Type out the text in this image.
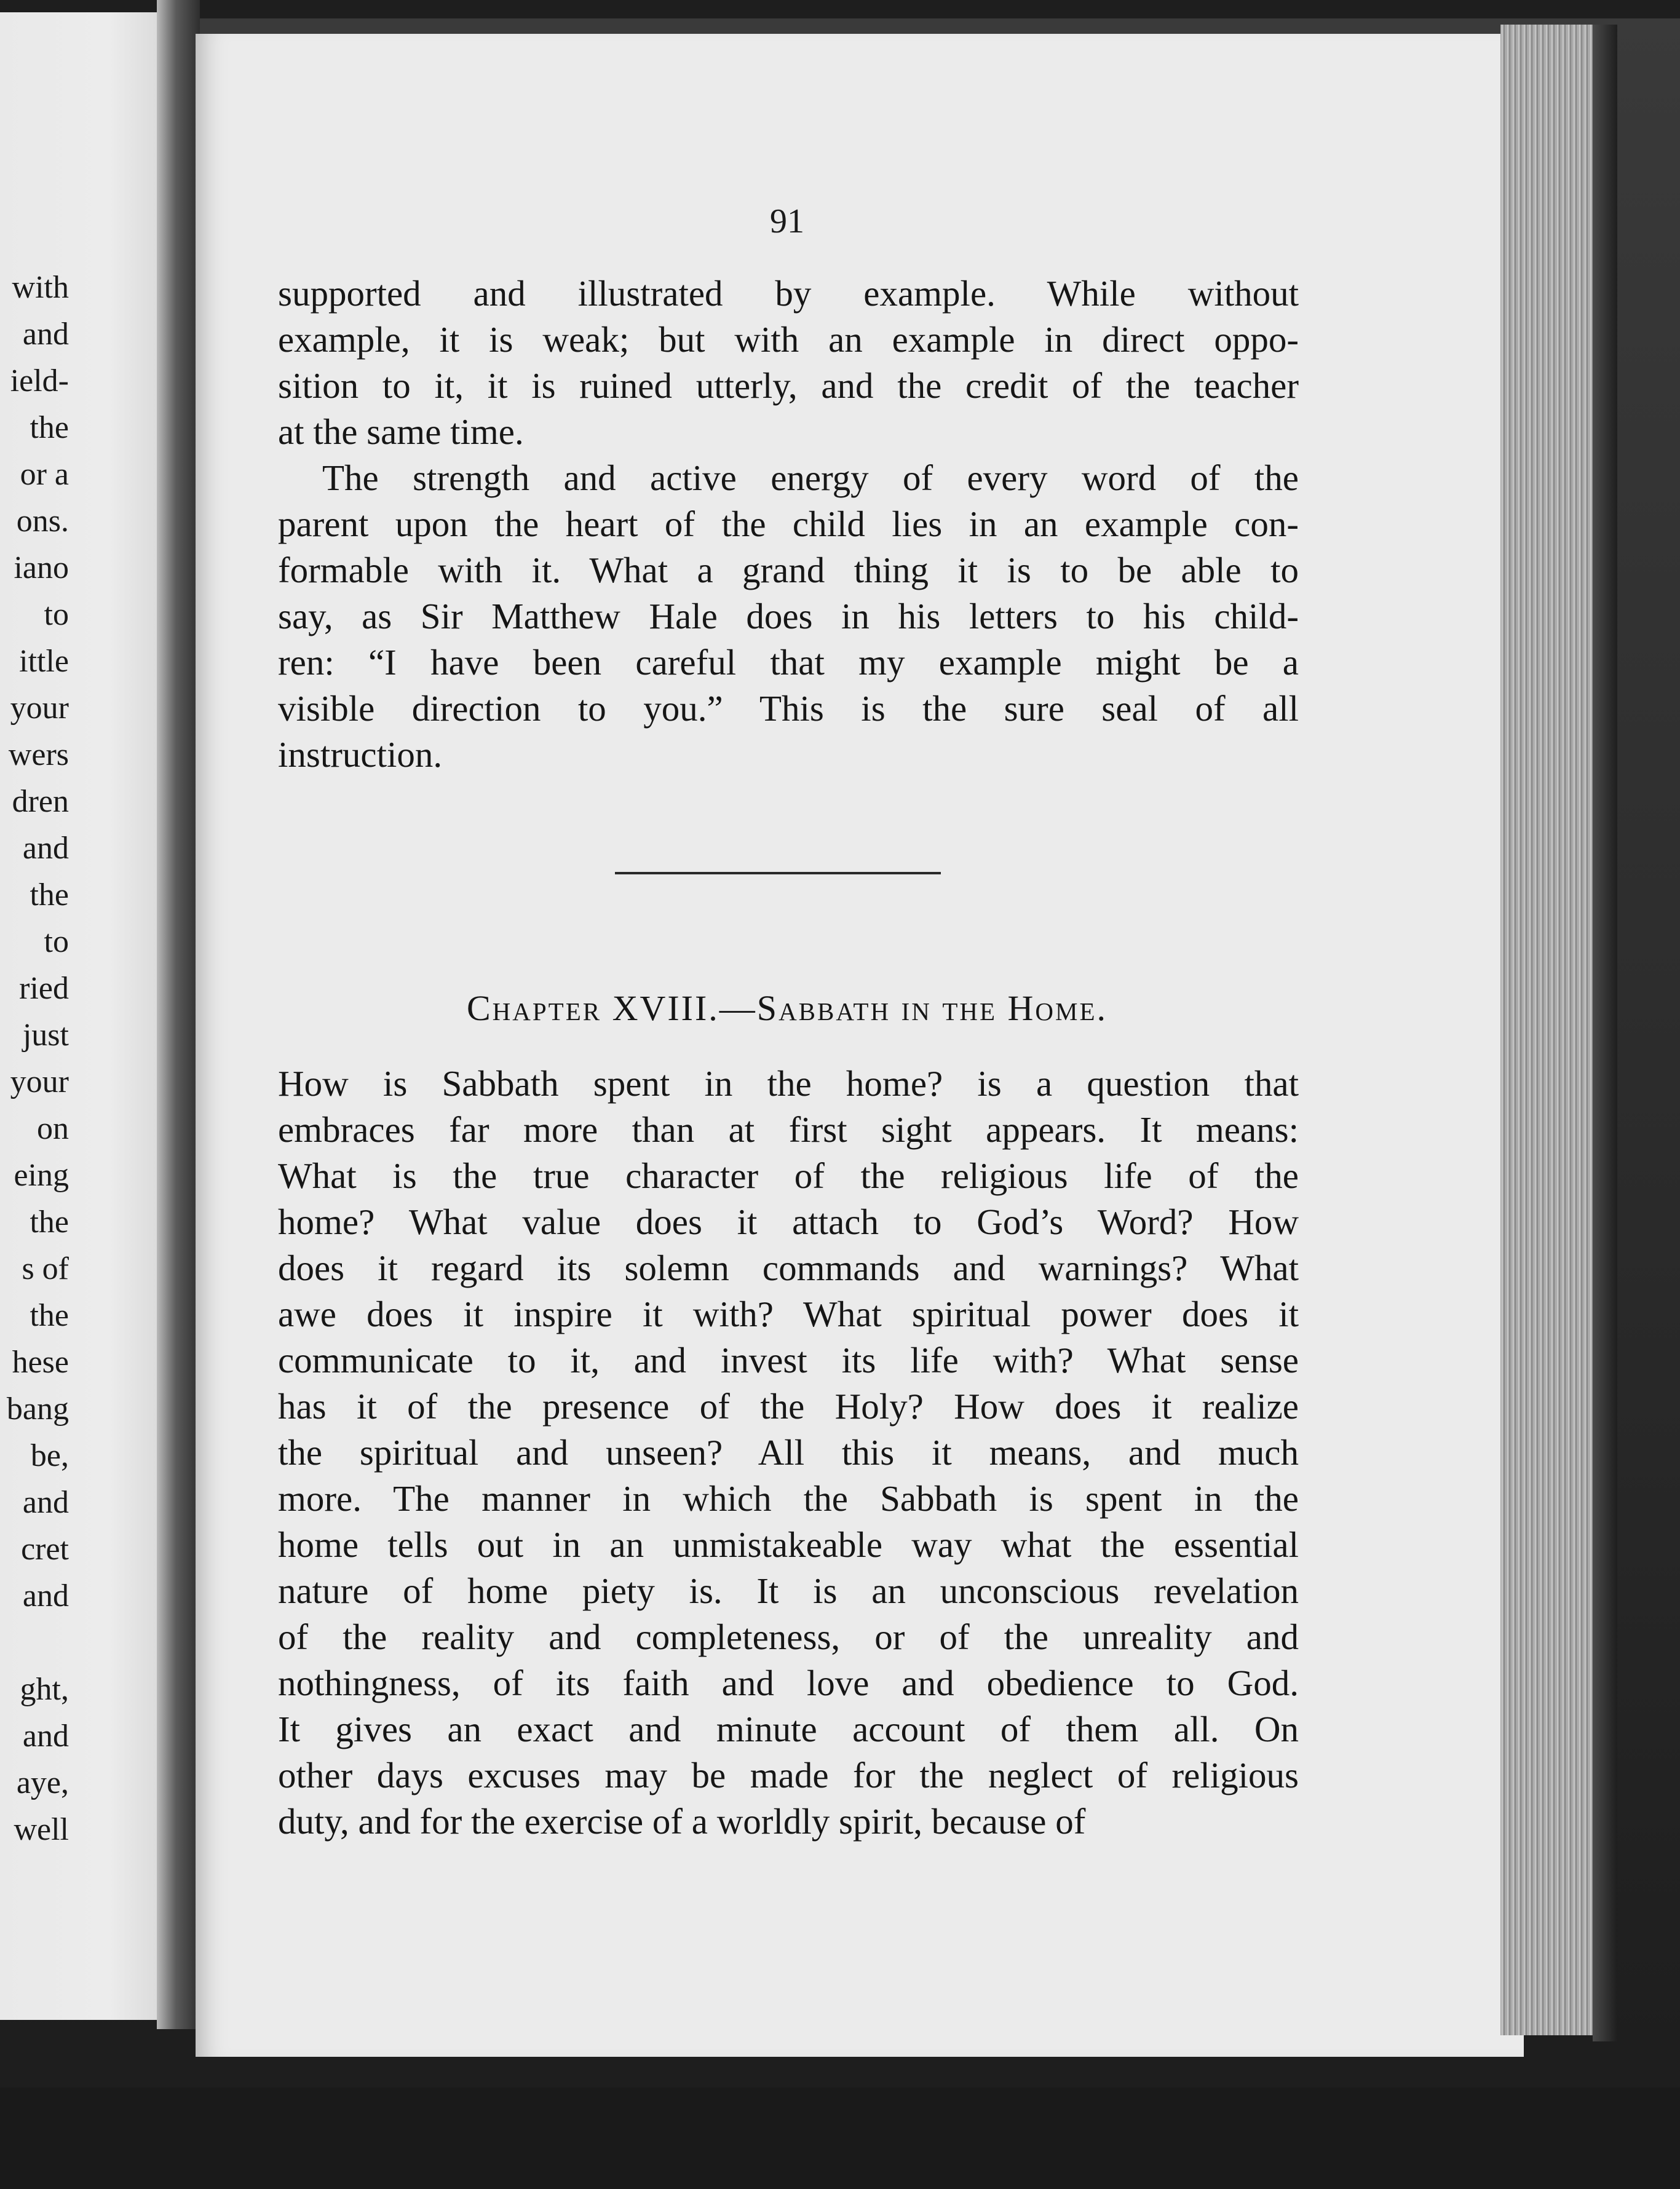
with
and
ield-
the
or a
ons.
iano
to
ittle
your
wers
dren
and
the
to
ried
just
your
on
eing
the
s of
the
hese
bang
be,
and
cret
and
ght,
and
aye,
well
91
supported and illustrated by example. While without
example, it is weak; but with an example in direct oppo-
sition to it, it is ruined utterly, and the credit of the teacher
at the same time.
The strength and active energy of every word of the
parent upon the heart of the child lies in an example con-
formable with it. What a grand thing it is to be able to
say, as Sir Matthew Hale does in his letters to his child-
ren: “I have been careful that my example might be a
visible direction to you.” This is the sure seal of all
instruction.
Chapter XVIII.—Sabbath in the Home.
How is Sabbath spent in the home? is a question that
embraces far more than at first sight appears. It means:
What is the true character of the religious life of the
home? What value does it attach to God’s Word? How
does it regard its solemn commands and warnings? What
awe does it inspire it with? What spiritual power does it
communicate to it, and invest its life with? What sense
has it of the presence of the Holy? How does it realize
the spiritual and unseen? All this it means, and much
more. The manner in which the Sabbath is spent in the
home tells out in an unmistakeable way what the essential
nature of home piety is. It is an unconscious revelation
of the reality and completeness, or of the unreality and
nothingness, of its faith and love and obedience to God.
It gives an exact and minute account of them all. On
other days excuses may be made for the neglect of religious
duty, and for the exercise of a worldly spirit, because of
